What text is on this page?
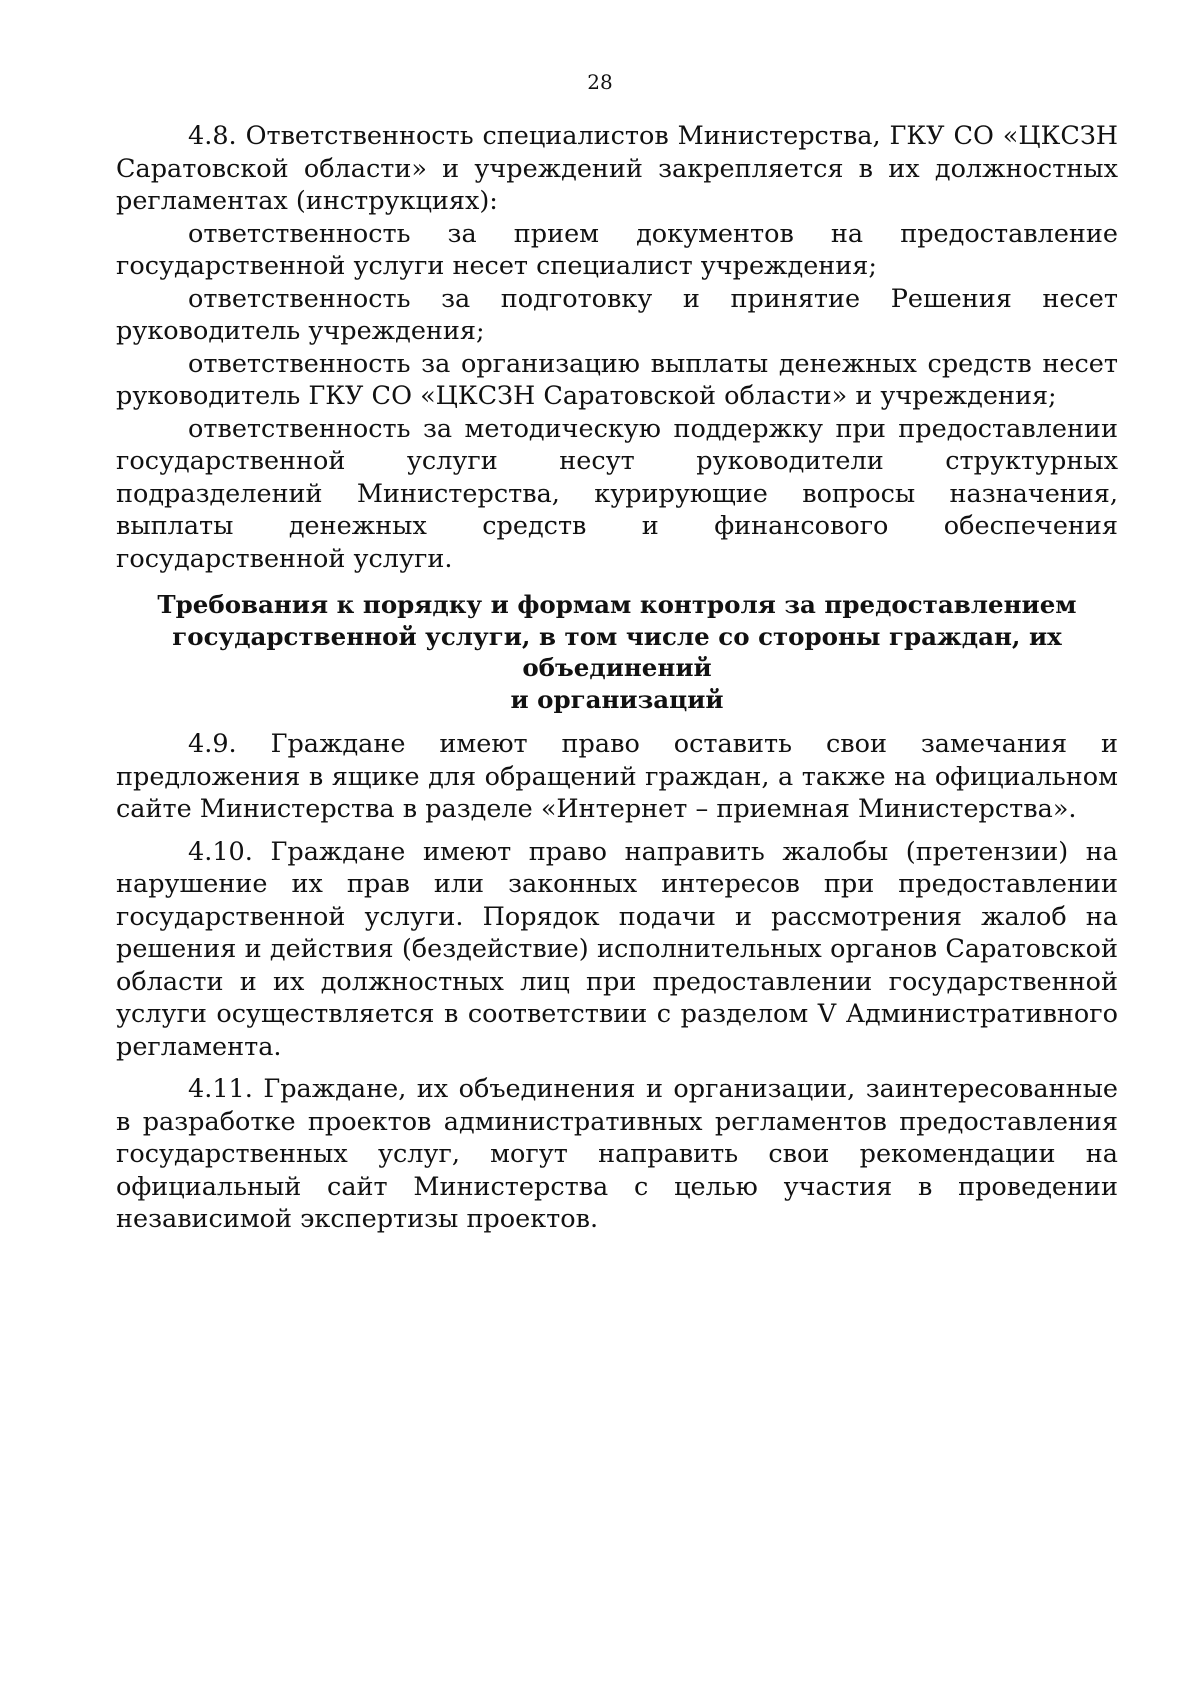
28

4.8. Ответственность специалистов Министерства, ГКУ СО «ЦКСЗН Саратовской области» и учреждений закрепляется в их должностных регламентах (инструкциях):

ответственность за прием документов на предоставление государственной услуги несет специалист учреждения;

ответственность за подготовку и принятие Решения несет руководитель учреждения;

ответственность за организацию выплаты денежных средств несет руководитель ГКУ СО «ЦКСЗН Саратовской области» и учреждения;

ответственность за методическую поддержку при предоставлении государственной услуги несут руководители структурных подразделений Министерства, курирующие вопросы назначения, выплаты денежных средств и финансового обеспечения государственной услуги.

Требования к порядку и формам контроля за предоставлением
государственной услуги, в том числе со стороны граждан, их объединений
и организаций

4.9. Граждане имеют право оставить свои замечания и предложения в ящике для обращений граждан, а также на официальном сайте Министерства в разделе «Интернет – приемная Министерства».

4.10. Граждане имеют право направить жалобы (претензии) на нарушение их прав или законных интересов при предоставлении государственной услуги. Порядок подачи и рассмотрения жалоб на решения и действия (бездействие) исполнительных органов Саратовской области и их должностных лиц при предоставлении государственной услуги осуществляется в соответствии с разделом V Административного регламента.

4.11. Граждане, их объединения и организации, заинтересованные в разработке проектов административных регламентов предоставления государственных услуг, могут направить свои рекомендации на официальный сайт Министерства с целью участия в проведении независимой экспертизы проектов.
